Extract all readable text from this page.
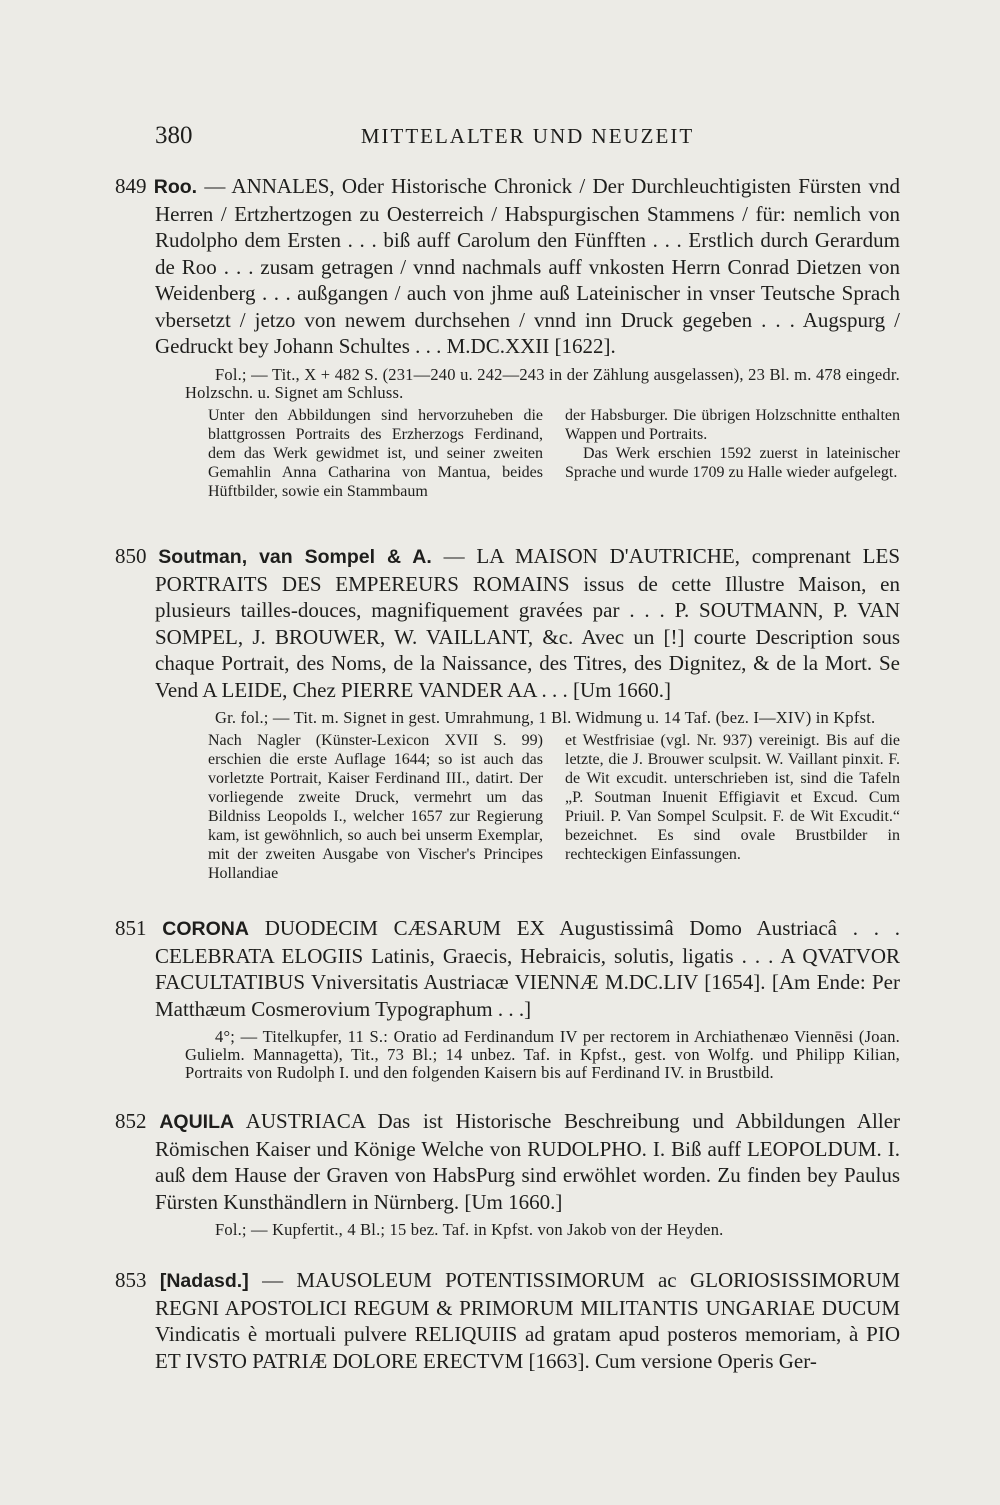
380	MITTELALTER UND NEUZEIT
849 Roo. — ANNALES, Oder Historische Chronick / Der Durchleuchtigisten Fürsten vnd Herren / Ertzhertzogen zu Oesterreich / Habspurgischen Stammens / für: nemlich von Rudolpho dem Ersten . . . biß auff Carolum den Fünfften . . . Erstlich durch Gerardum de Roo . . . zusam getragen / vnnd nachmals auff vnkosten Herrn Conrad Dietzen von Weidenberg . . . außgangen / auch von jhme auß Lateinischer in vnser Teutsche Sprach vbersetzt / jetzo von newem durchsehen / vnnd inn Druck gegeben . . . Augspurg / Gedruckt bey Johann Schultes . . . M.DC.XXII [1622].
Fol.; — Tit., X + 482 S. (231—240 u. 242—243 in der Zählung ausgelassen), 23 Bl. m. 478 eingedr. Holzschn. u. Signet am Schluss.

Unter den Abbildungen sind hervorzuheben die blattgrossen Portraits des Erzherzogs Ferdinand, dem das Werk gewidmet ist, und seiner zweiten Gemahlin Anna Catharina von Mantua, beides Hüftbilder, sowie ein Stammbaum

der Habsburger. Die übrigen Holzschnitte enthalten Wappen und Portraits.

Das Werk erschien 1592 zuerst in lateinischer Sprache und wurde 1709 zu Halle wieder aufgelegt.

850 Soutman, van Sompel & A. — LA MAISON D'AUTRICHE, comprenant LES PORTRAITS DES EMPEREURS ROMAINS issus de cette Illustre Maison, en plusieurs tailles-douces, magnifiquement gravées par . . . P. SOUTMANN, P. VAN SOMPEL, J. BROUWER, W. VAILLANT, &c. Avec un [!] courte Description sous chaque Portrait, des Noms, de la Naissance, des Titres, des Dignitez, & de la Mort. Se Vend A LEIDE, Chez PIERRE VANDER AA . . . [Um 1660.]
Gr. fol.; — Tit. m. Signet in gest. Umrahmung, 1 Bl. Widmung u. 14 Taf. (bez. I—XIV) in Kpfst.

Nach Nagler (Künster-Lexicon XVII S. 99) erschien die erste Auflage 1644; so ist auch das vorletzte Portrait, Kaiser Ferdinand III., datirt. Der vorliegende zweite Druck, vermehrt um das Bildniss Leopolds I., welcher 1657 zur Regierung kam, ist gewöhnlich, so auch bei unserm Exemplar, mit der zweiten Ausgabe von Vischer's Principes Hollandiae

et Westfrisiae (vgl. Nr. 937) vereinigt. Bis auf die letzte, die J. Brouwer sculpsit. W. Vaillant pinxit. F. de Wit excudit. unterschrieben ist, sind die Tafeln „P. Soutman Inuenit Effigiavit et Excud. Cum Priuil. P. Van Sompel Sculpsit. F. de Wit Excudit.“ bezeichnet. Es sind ovale Brustbilder in rechteckigen Einfassungen.

851 CORONA DUODECIM CÆSARUM EX Augustissimâ Domo Austriacâ . . . CELEBRATA ELOGIIS Latinis, Graecis, Hebraicis, solutis, ligatis . . . A QVATVOR FACULTATIBUS Vniversitatis Austriacæ VIENNÆ M.DC.LIV [1654]. [Am Ende: Per Matthæum Cosmerovium Typographum . . .]
4°; — Titelkupfer, 11 S.: Oratio ad Ferdinandum IV per rectorem in Archiathenæo Viennēsi (Joan. Gulielm. Mannagetta), Tit., 73 Bl.; 14 unbez. Taf. in Kpfst., gest. von Wolfg. und Philipp Kilian, Portraits von Rudolph I. und den folgenden Kaisern bis auf Ferdinand IV. in Brustbild.
852 AQUILA AUSTRIACA Das ist Historische Beschreibung und Abbildungen Aller Römischen Kaiser und Könige Welche von RUDOLPHO. I. Biß auff LEOPOLDUM. I. auß dem Hause der Graven von HabsPurg sind erwöhlet worden. Zu finden bey Paulus Fürsten Kunsthändlern in Nürnberg. [Um 1660.]
Fol.; — Kupfertit., 4 Bl.; 15 bez. Taf. in Kpfst. von Jakob von der Heyden.
853 [Nadasd.] — MAUSOLEUM POTENTISSIMORUM ac GLORIOSISSIMORUM REGNI APOSTOLICI REGUM & PRIMORUM MILITANTIS UNGARIAE DUCUM Vindicatis è mortuali pulvere RELIQUIIS ad gratam apud posteros memoriam, à PIO ET IVSTO PATRIÆ DOLORE ERECTVM [1663]. Cum versione Operis Ger-
